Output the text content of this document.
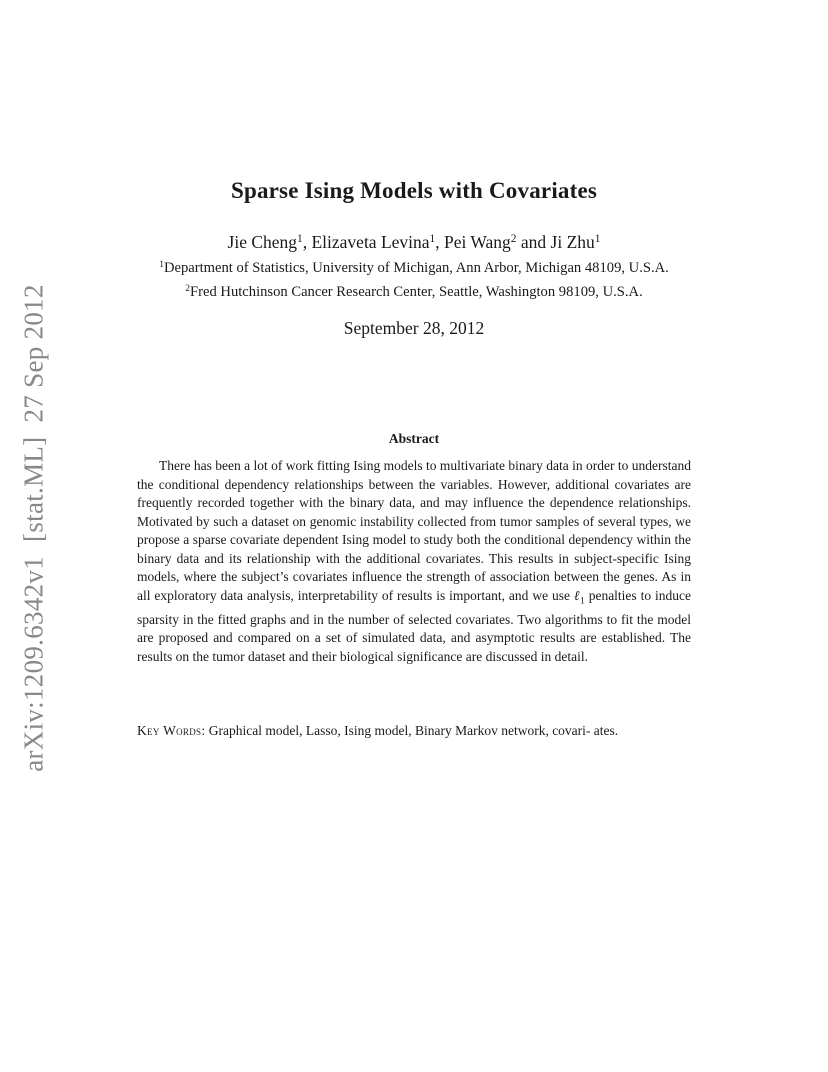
arXiv:1209.6342v1[stat.ML]27 Sep 2012
Sparse Ising Models with Covariates
Jie Cheng$^1$, Elizaveta Levina$^1$, Pei Wang$^2$ and Ji Zhu$^1$
$^1$Department of Statistics, University of Michigan, Ann Arbor, Michigan 48109, U.S.A.
$^2$Fred Hutchinson Cancer Research Center, Seattle, Washington 98109, U.S.A.
September 28, 2012
Abstract
There has been a lot of work fitting Ising models to multivariate binary data in order to understand the conditional dependency relationships between the variables. However, additional covariates are frequently recorded together with the binary data, and may influence the dependence relationships. Motivated by such a dataset on genomic instability collected from tumor samples of several types, we propose a sparse covariate dependent Ising model to study both the conditional dependency within the binary data and its relationship with the additional covariates. This results in subject-specific Ising models, where the subject’s covariates influence the strength of association between the genes. As in all exploratory data analysis, interpretability of results is important, and we use ℓ$_1$ penalties to induce sparsity in the fitted graphs and in the number of selected covariates. Two algorithms to fit the model are proposed and compared on a set of simulated data, and asymptotic results are established. The results on the tumor dataset and their biological significance are discussed in detail.
Key Words: Graphical model, Lasso, Ising model, Binary Markov network, covari- ates.
